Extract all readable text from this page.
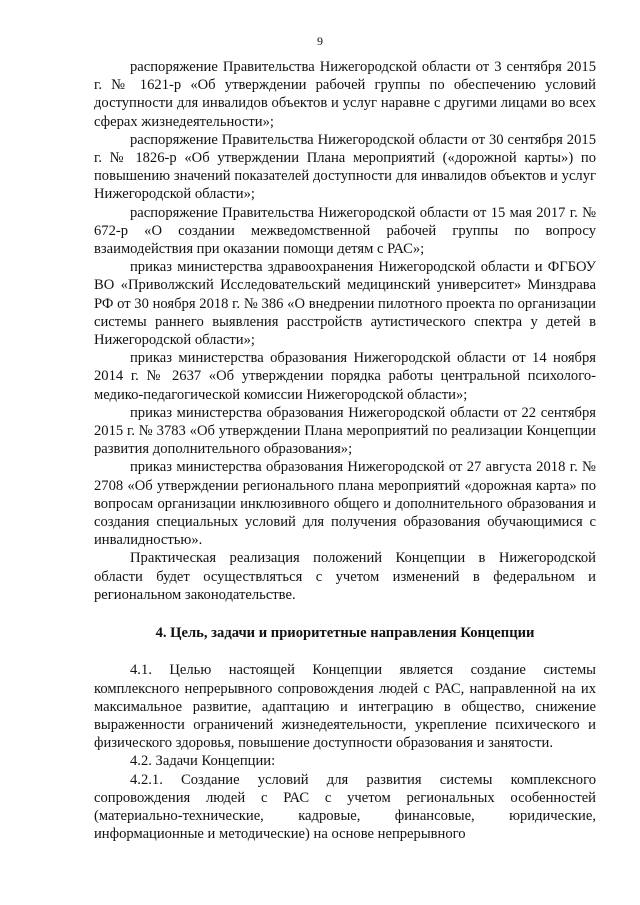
9

распоряжение Правительства Нижегородской области от 3 сентября 2015 г. № 1621-р «Об утверждении рабочей группы по обеспечению условий доступности для инвалидов объектов и услуг наравне с другими лицами во всех сферах жизнедеятельности»;

распоряжение Правительства Нижегородской области от 30 сентября 2015 г. № 1826-р «Об утверждении Плана мероприятий («дорожной карты») по повышению значений показателей доступности для инвалидов объектов и услуг Нижегородской области»;

распоряжение Правительства Нижегородской области от 15 мая 2017 г. № 672-р «О создании межведомственной рабочей группы по вопросу взаимодействия при оказании помощи детям с РАС»;

приказ министерства здравоохранения Нижегородской области и ФГБОУ ВО «Приволжский Исследовательский медицинский университет» Минздрава РФ от 30 ноября 2018 г. № 386 «О внедрении пилотного проекта по организации системы раннего выявления расстройств аутистического спектра у детей в Нижегородской области»;

приказ министерства образования Нижегородской области от 14 ноября 2014 г. № 2637 «Об утверждении порядка работы центральной психолого-медико-педагогической комиссии Нижегородской области»;

приказ министерства образования Нижегородской области от 22 сентября 2015 г. № 3783 «Об утверждении Плана мероприятий по реализации Концепции развития дополнительного образования»;

приказ министерства образования Нижегородской от 27 августа 2018 г. № 2708 «Об утверждении регионального плана мероприятий «дорожная карта» по вопросам организации инклюзивного общего и дополнительного образования и создания специальных условий для получения образования обучающимися с инвалидностью».

Практическая реализация положений Концепции в Нижегородской области будет осуществляться с учетом изменений в федеральном и региональном законодательстве.

4. Цель, задачи и приоритетные направления Концепции

4.1. Целью настоящей Концепции является создание системы комплексного непрерывного сопровождения людей с РАС, направленной на их максимальное развитие, адаптацию и интеграцию в общество, снижение выраженности ограничений жизнедеятельности, укрепление психического и физического здоровья, повышение доступности образования и занятости.

4.2. Задачи Концепции:

4.2.1. Создание условий для развития системы комплексного сопровождения людей с РАС с учетом региональных особенностей (материально-технические, кадровые, финансовые, юридические, информационные и методические) на основе непрерывного
